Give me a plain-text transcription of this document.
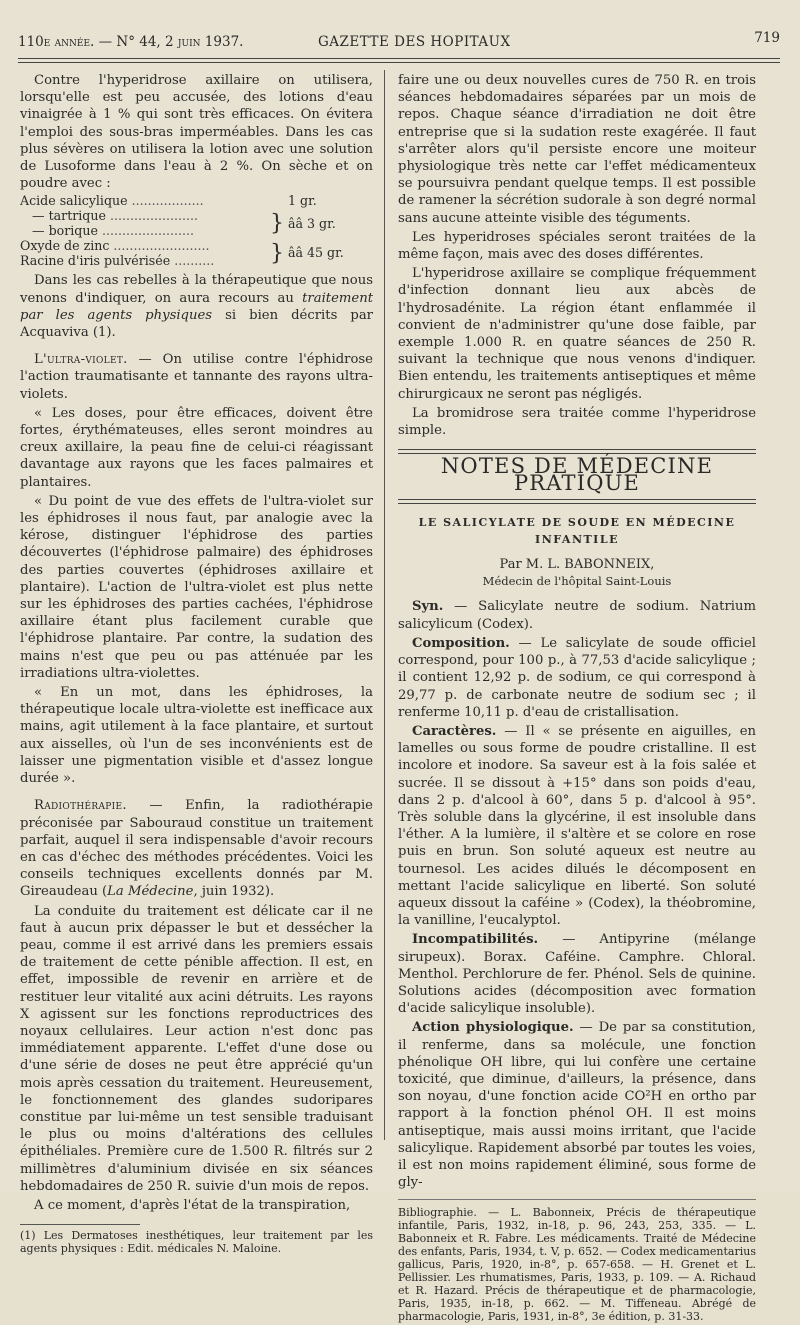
110e année. — N° 44, 2 juin 1937.	GAZETTE DES HOPITAUX	719

Contre l'hyperidrose axillaire on utilisera, lorsqu'elle est peu accusée, des lotions d'eau vinaigrée à 1 % qui sont très efficaces. On évitera l'emploi des sous-bras imperméables. Dans les cas plus sévères on utilisera la lotion avec une solution de Lusoforme dans l'eau à 2 %. On sèche et on poudre avec :

Acide salicylique ..................		1 gr.
— tartrique ......................	}	ââ 3 gr.
— borique .......................		
Oxyde de zinc ........................	}	ââ 45 gr.
Racine d'iris pulvérisée ..........		

Dans les cas rebelles à la thérapeutique que nous venons d'indiquer, on aura recours au traitement par les agents physiques si bien décrits par Acquaviva (1).

L'ultra-violet. — On utilise contre l'éphidrose l'action traumatisante et tannante des rayons ultra-violets.

« Les doses, pour être efficaces, doivent être fortes, érythémateuses, elles seront moindres au creux axillaire, la peau fine de celui-ci réagissant davantage aux rayons que les faces palmaires et plantaires.

« Du point de vue des effets de l'ultra-violet sur les éphidroses il nous faut, par analogie avec la kérose, distinguer l'éphidrose des parties découvertes (l'éphidrose palmaire) des éphidroses des parties couvertes (éphidroses axillaire et plantaire). L'action de l'ultra-violet est plus nette sur les éphidroses des parties cachées, l'éphidrose axillaire étant plus facilement curable que l'éphidrose plantaire. Par contre, la sudation des mains n'est que peu ou pas atténuée par les irradiations ultra-violettes.

« En un mot, dans les éphidroses, la thérapeutique locale ultra-violette est inefficace aux mains, agit utilement à la face plantaire, et surtout aux aisselles, où l'un de ses inconvénients est de laisser une pigmentation visible et d'assez longue durée ».

Radiothérapie. — Enfin, la radiothérapie préconisée par Sabouraud constitue un traitement parfait, auquel il sera indispensable d'avoir recours en cas d'échec des méthodes précédentes. Voici les conseils techniques excellents donnés par M. Gireaudeau (La Médecine, juin 1932).

La conduite du traitement est délicate car il ne faut à aucun prix dépasser le but et dessécher la peau, comme il est arrivé dans les premiers essais de traitement de cette pénible affection. Il est, en effet, impossible de revenir en arrière et de restituer leur vitalité aux acini détruits. Les rayons X agissent sur les fonctions reproductrices des noyaux cellulaires. Leur action n'est donc pas immédiatement apparente. L'effet d'une dose ou d'une série de doses ne peut être apprécié qu'un mois après cessation du traitement. Heureusement, le fonctionnement des glandes sudoripares constitue par lui-même un test sensible traduisant le plus ou moins d'altérations des cellules épithéliales. Première cure de 1.500 R. filtrés sur 2 millimètres d'aluminium divisée en six séances hebdomadaires de 250 R. suivie d'un mois de repos.

A ce moment, d'après l'état de la transpiration,

(1) Les Dermatoses inesthétiques, leur traitement par les agents physiques : Edit. médicales N. Maloine.

faire une ou deux nouvelles cures de 750 R. en trois séances hebdomadaires séparées par un mois de repos. Chaque séance d'irradiation ne doit être entreprise que si la sudation reste exagérée. Il faut s'arrêter alors qu'il persiste encore une moiteur physiologique très nette car l'effet médicamenteux se poursuivra pendant quelque temps. Il est possible de ramener la sécrétion sudorale à son degré normal sans aucune atteinte visible des téguments.

Les hyperidroses spéciales seront traitées de la même façon, mais avec des doses différentes.

L'hyperidrose axillaire se complique fréquemment d'infection donnant lieu aux abcès de l'hydrosadénite. La région étant enflammée il convient de n'administrer qu'une dose faible, par exemple 1.000 R. en quatre séances de 250 R. suivant la technique que nous venons d'indiquer. Bien entendu, les traitements antiseptiques et même chirurgicaux ne seront pas négligés.

La bromidrose sera traitée comme l'hyperidrose simple.

NOTES DE MÉDECINE PRATIQUE
LE SALICYLATE DE SOUDE EN MÉDECINE INFANTILE

Par M. L. BABONNEIX,

Médecin de l'hôpital Saint-Louis

Syn. — Salicylate neutre de sodium. Natrium salicylicum (Codex).

Composition. — Le salicylate de soude officiel correspond, pour 100 p., à 77,53 d'acide salicylique ; il contient 12,92 p. de sodium, ce qui correspond à 29,77 p. de carbonate neutre de sodium sec ; il renferme 10,11 p. d'eau de cristallisation.

Caractères. — Il « se présente en aiguilles, en lamelles ou sous forme de poudre cristalline. Il est incolore et inodore. Sa saveur est à la fois salée et sucrée. Il se dissout à +15° dans son poids d'eau, dans 2 p. d'alcool à 60°, dans 5 p. d'alcool à 95°. Très soluble dans la glycérine, il est insoluble dans l'éther. A la lumière, il s'altère et se colore en rose puis en brun. Son soluté aqueux est neutre au tournesol. Les acides dilués le décomposent en mettant l'acide salicylique en liberté. Son soluté aqueux dissout la caféine » (Codex), la théobromine, la vanilline, l'eucalyptol.

Incompatibilités. — Antipyrine (mélange sirupeux). Borax. Caféine. Camphre. Chloral. Menthol. Perchlorure de fer. Phénol. Sels de quinine. Solutions acides (décomposition avec formation d'acide salicylique insoluble).

Action physiologique. — De par sa constitution, il renferme, dans sa molécule, une fonction phénolique OH libre, qui lui confère une certaine toxicité, que diminue, d'ailleurs, la présence, dans son noyau, d'une fonction acide CO²H en ortho par rapport à la fonction phénol OH. Il est moins antiseptique, mais aussi moins irritant, que l'acide salicylique. Rapidement absorbé par toutes les voies, il est non moins rapidement éliminé, sous forme de gly-

Bibliographie. — L. Babonneix, Précis de thérapeutique infantile, Paris, 1932, in-18, p. 96, 243, 253, 335. — L. Babonneix et R. Fabre. Les médicaments. Traité de Médecine des enfants, Paris, 1934, t. V, p. 652. — Codex medicamentarius gallicus, Paris, 1920, in-8°, p. 657-658. — H. Grenet et L. Pellissier. Les rhumatismes, Paris, 1933, p. 109. — A. Richaud et R. Hazard. Précis de thérapeutique et de pharmacologie, Paris, 1935, in-18, p. 662. — M. Tiffeneau. Abrégé de pharmacologie, Paris, 1931, in-8°, 3e édition, p. 31-33.
